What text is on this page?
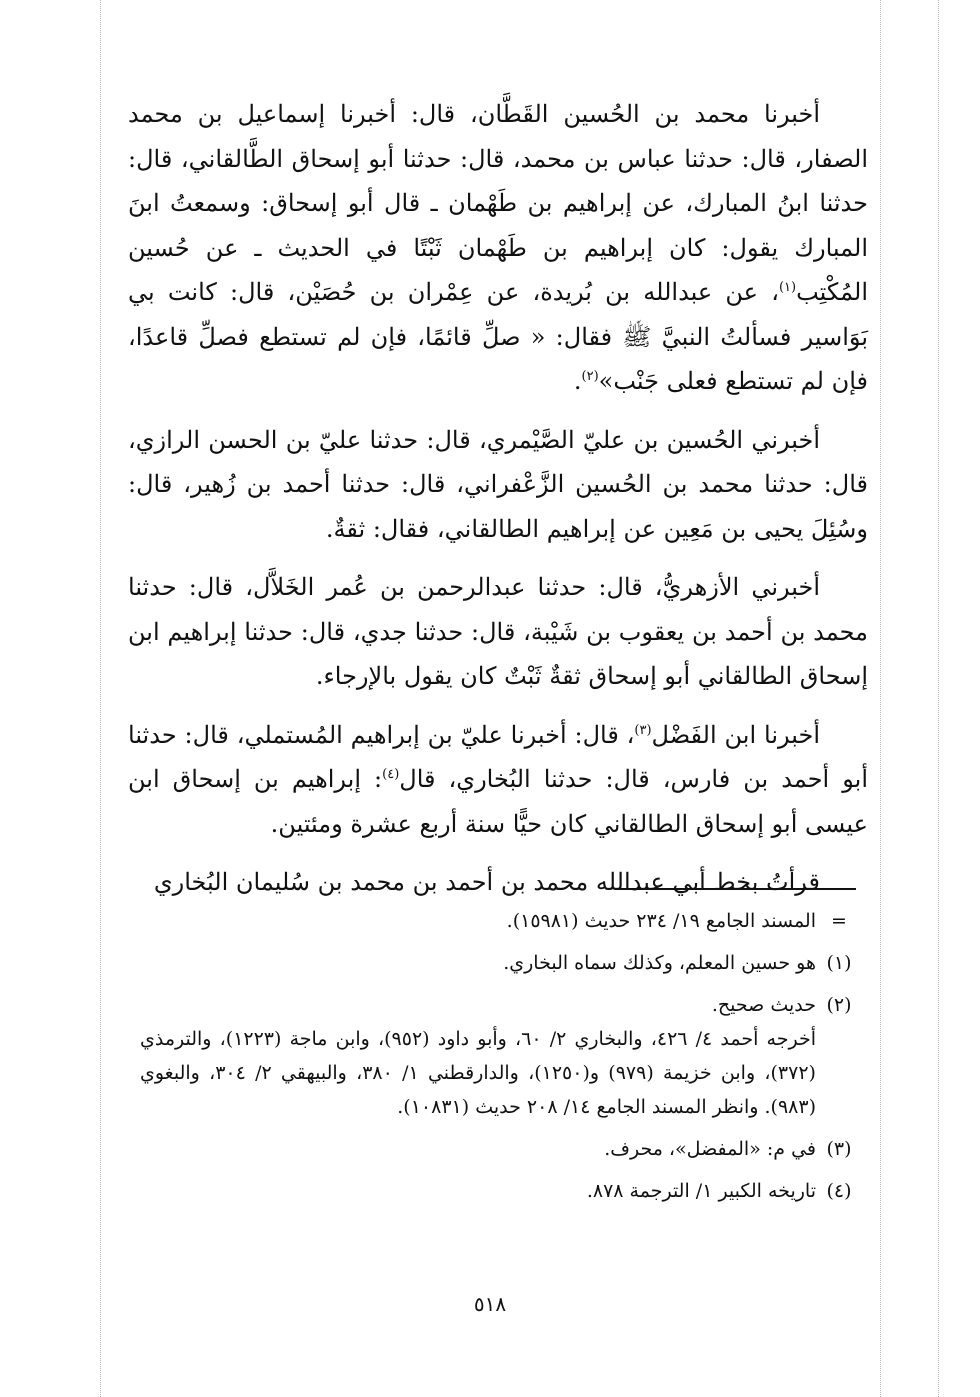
أخبرنا محمد بن الحُسين القَطَّان، قال: أخبرنا إسماعيل بن محمد الصفار، قال: حدثنا عباس بن محمد، قال: حدثنا أبو إسحاق الطَّالقاني، قال: حدثنا ابنُ المبارك، عن إبراهيم بن طَهْمان ـ قال أبو إسحاق: وسمعتُ ابنَ المبارك يقول: كان إبراهيم بن طَهْمان ثَبْتًا في الحديث ـ عن حُسين المُكْتِب$^{(١)}$، عن عبدالله بن بُريدة، عن عِمْران بن حُصَيْن، قال: كانت بي بَوَاسير فسألتُ النبيَّ ﷺ فقال: « صلِّ قائمًا، فإن لم تستطع فصلِّ قاعدًا، فإن لم تستطع فعلى جَنْب»$^{(٢)}$.

أخبرني الحُسين بن عليّ الصَّيْمري، قال: حدثنا عليّ بن الحسن الرازي، قال: حدثنا محمد بن الحُسين الزَّعْفراني، قال: حدثنا أحمد بن زُهير، قال: وسُئِلَ يحيى بن مَعِين عن إبراهيم الطالقاني، فقال: ثقةٌ.

أخبرني الأزهريُّ، قال: حدثنا عبدالرحمن بن عُمر الخَلاَّل، قال: حدثنا محمد بن أحمد بن يعقوب بن شَيْبة، قال: حدثنا جدي، قال: حدثنا إبراهيم ابن إسحاق الطالقاني أبو إسحاق ثقةٌ ثَبْتٌ كان يقول بالإرجاء.

أخبرنا ابن الفَضْل$^{(٣)}$، قال: أخبرنا عليّ بن إبراهيم المُستملي، قال: حدثنا أبو أحمد بن فارس، قال: حدثنا البُخاري، قال$^{(٤)}$: إبراهيم بن إسحاق ابن عيسى أبو إسحاق الطالقاني كان حيًّا سنة أربع عشرة ومئتين.

قرأتُ بخط أبي عبدالله محمد بن أحمد بن محمد بن سُليمان البُخاري

=
المسند الجامع ١٩/ ٢٣٤ حديث (١٥٩٨١).
(١)
هو حسين المعلم، وكذلك سماه البخاري.
(٢)
حديث صحيح.
أخرجه أحمد ٤/ ٤٢٦، والبخاري ٢/ ٦٠، وأبو داود (٩٥٢)، وابن ماجة (١٢٢٣)، والترمذي (٣٧٢)، وابن خزيمة (٩٧٩) و(١٢٥٠)، والدارقطني ١/ ٣٨٠، والبيهقي ٢/ ٣٠٤، والبغوي (٩٨٣). وانظر المسند الجامع ١٤/ ٢٠٨ حديث (١٠٨٣١).
(٣)
في م: «المفضل»، محرف.
(٤)
تاريخه الكبير ١/ الترجمة ٨٧٨.
٥١٨
